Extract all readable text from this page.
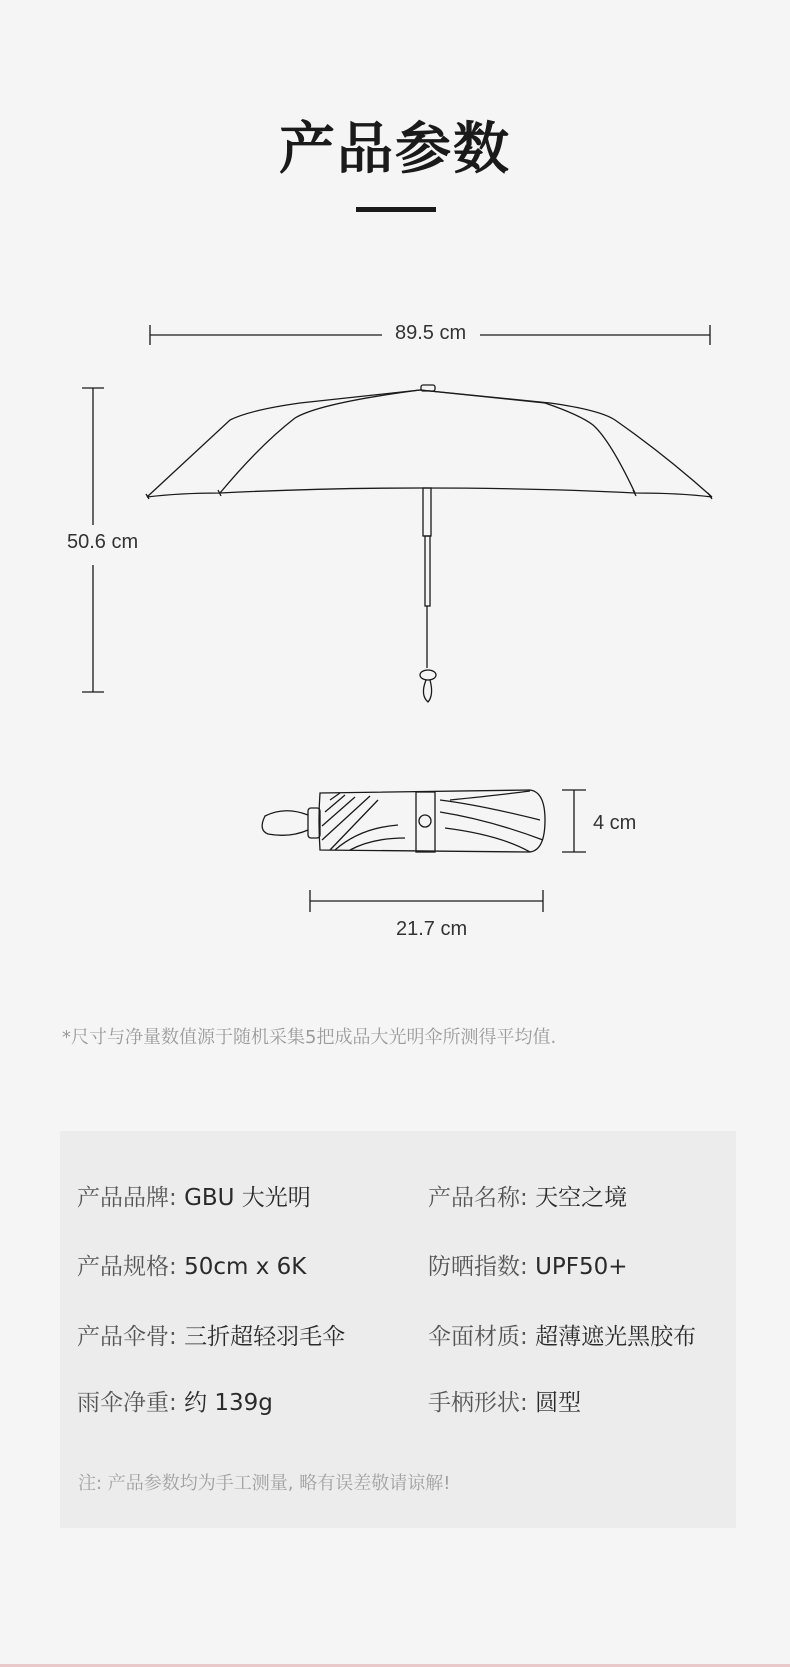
产品参数
89.5 cm
50.6 cm
4 cm
21.7 cm
*尺寸与净量数值源于随机采集5把成品大光明伞所测得平均值.
产品品牌: GBU 大光明	产品名称: 天空之境
产品规格: 50cm x 6K	防晒指数: UPF50+
产品伞骨: 三折超轻羽毛伞	伞面材质: 超薄遮光黑胶布
雨伞净重: 约 139g	手柄形状: 圆型
注: 产品参数均为手工测量, 略有误差敬请谅解!
